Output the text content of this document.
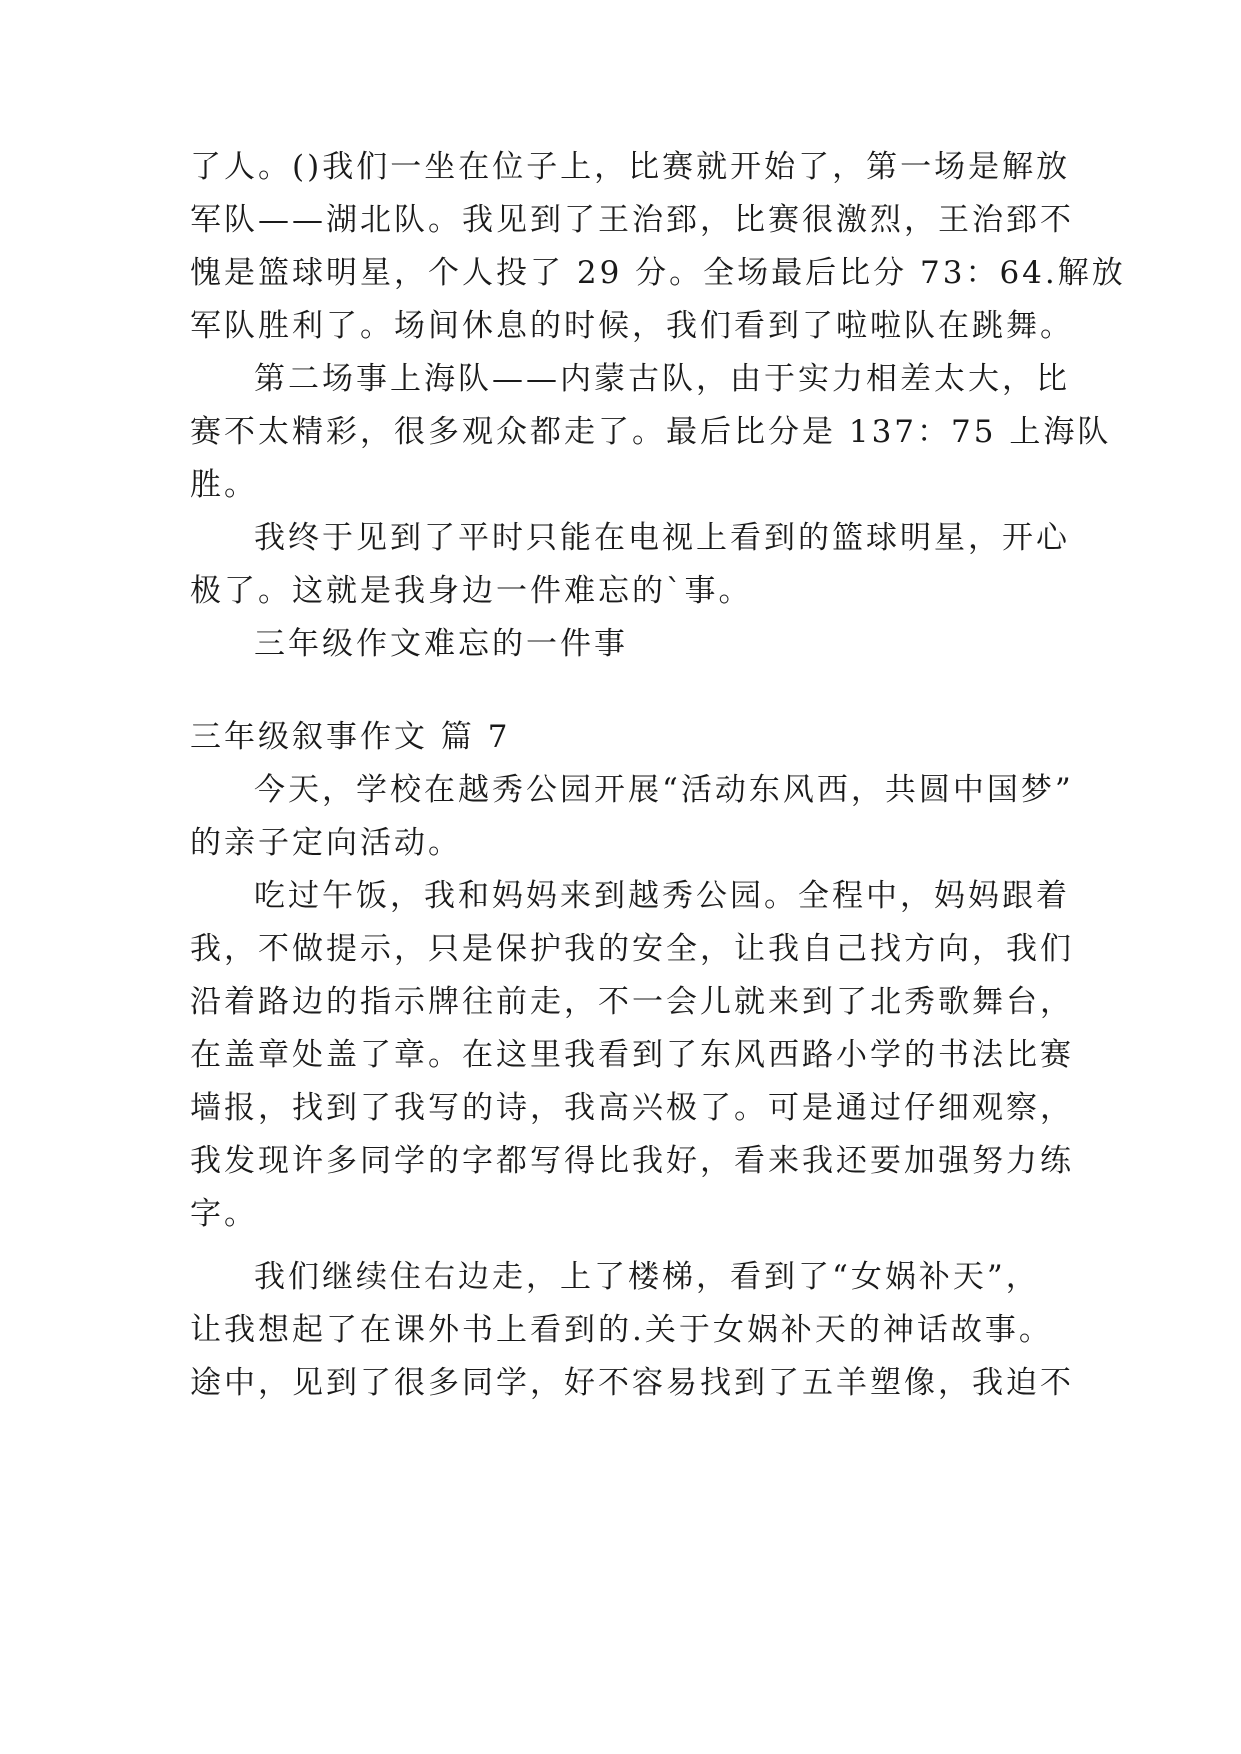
了人。()我们一坐在位子上，比赛就开始了，第一场是解放
军队——湖北队。我见到了王治郅，比赛很激烈，王治郅不
愧是篮球明星，个人投了 29 分。全场最后比分 73：64.解放
军队胜利了。场间休息的时候，我们看到了啦啦队在跳舞。
第二场事上海队——内蒙古队，由于实力相差太大，比
赛不太精彩，很多观众都走了。最后比分是 137：75 上海队
胜。
我终于见到了平时只能在电视上看到的篮球明星，开心
极了。这就是我身边一件难忘的`事。
三年级作文难忘的一件事
三年级叙事作文 篇 7
今天，学校在越秀公园开展“活动东风西，共圆中国梦”
的亲子定向活动。
吃过午饭，我和妈妈来到越秀公园。全程中，妈妈跟着
我，不做提示，只是保护我的安全，让我自己找方向，我们
沿着路边的指示牌往前走，不一会儿就来到了北秀歌舞台，
在盖章处盖了章。在这里我看到了东风西路小学的书法比赛
墙报，找到了我写的诗，我高兴极了。可是通过仔细观察，
我发现许多同学的字都写得比我好，看来我还要加强努力练
字。
我们继续住右边走，上了楼梯，看到了“女娲补天”，
让我想起了在课外书上看到的.关于女娲补天的神话故事。
途中，见到了很多同学，好不容易找到了五羊塑像，我迫不
